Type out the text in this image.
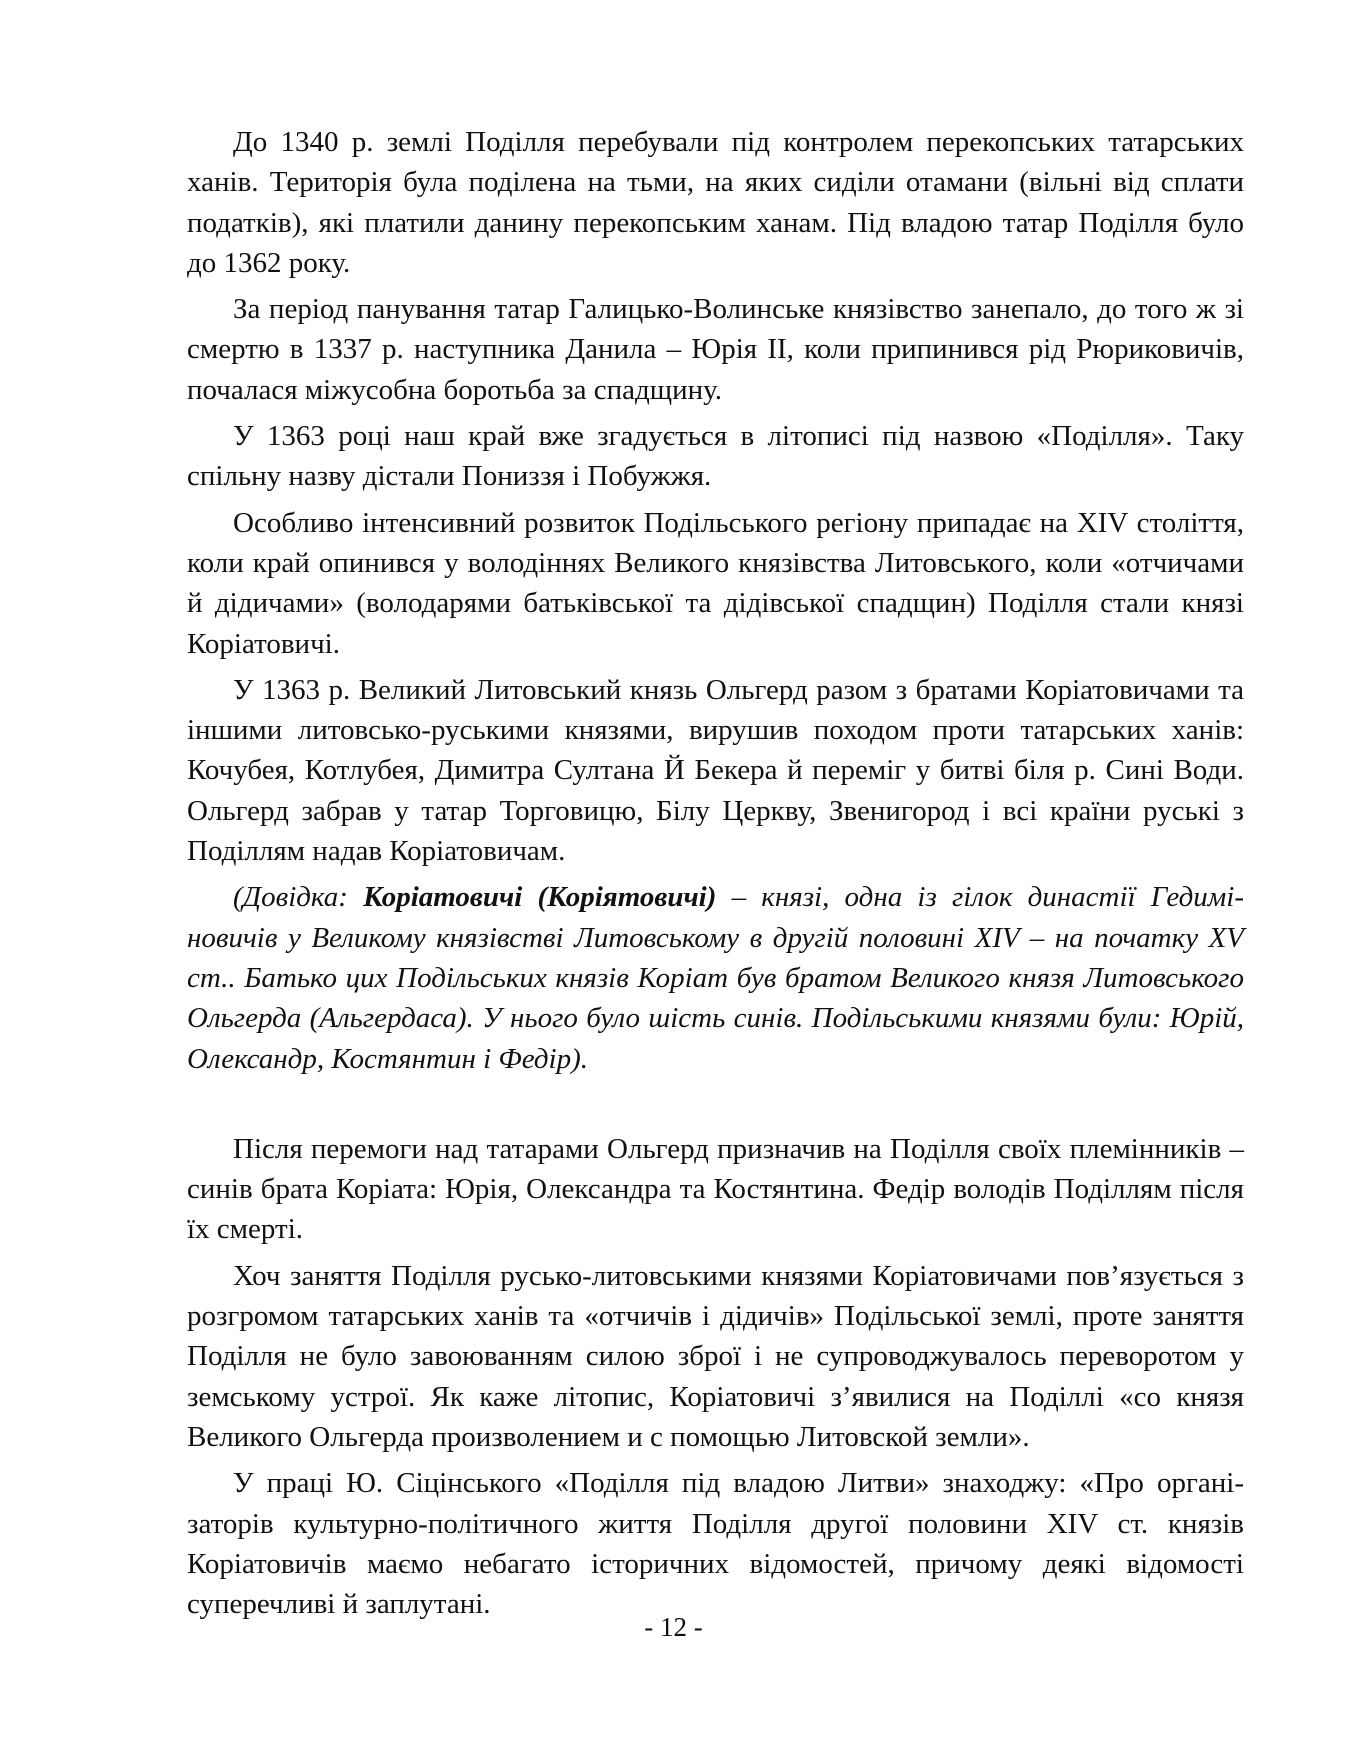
До 1340 р. землі Поділля перебували під контролем перекопських татарських ханів. Територія була поділена на тьми, на яких сиділи отамани (вільні від сплати податків), які платили данину перекопським ханам. Під владою татар Поділля було до 1362 року.

За період панування татар Галицько-Волинське князівство занепало, до того ж зі смертю в 1337 р. наступника Данила – Юрія ІІ, коли припинився рід Рюриковичів, почалася міжусобна боротьба за спадщину.

У 1363 році наш край вже згадується в літописі під назвою «Поділля». Таку спільну назву дістали Пониззя і Побужжя.

Особливо інтенсивний розвиток Подільського регіону припадає на XIV століття, коли край опинився у володіннях Великого князівства Литовського, коли «отчичами й дідичами» (володарями батьківської та дідівської спадщин) Поділля стали князі Коріатовичі.

У 1363 р. Великий Литовський князь Ольгерд разом з братами Коріатовичами та іншими литовсько-руськими князями, вирушив походом проти татарських ханів: Кочубея, Котлубея, Димитра Султана Й Бекера й переміг у битві біля р. Сині Води. Ольгерд забрав у татар Торговицю, Білу Церкву, Звенигород і всі країни руські з Поділлям надав Коріатовичам.

(Довідка: Коріатовичі (Коріятовичі) – князі, одна із гілок династії Гедиміновичів у Великому князівстві Литовському в другій половині XIV – на початку XV ст.. Батько цих Подільських князів Коріат був братом Великого князя Литовського Ольгерда (Альгердаса). У нього було шість синів. Подільськими князями були: Юрій, Олександр, Костянтин і Федір).

Після перемоги над татарами Ольгерд призначив на Поділля своїх племінників – синів брата Коріата: Юрія, Олександра та Костянтина. Федір володів Поділлям після їх смерті.

Хоч заняття Поділля русько-литовськими князями Коріатовичами пов’язується з розгромом татарських ханів та «отчичів і дідичів» Подільської землі, проте заняття Поділля не було завоюванням силою зброї і не супроводжувалось переворотом у земському устрої. Як каже літопис, Коріатовичі з’явилися на Поділлі «со князя Великого Ольгерда произволением и с помощью Литовской земли».

У праці Ю. Сіцінського «Поділля під владою Литви» знаходжу: «Про організаторів культурно-політичного життя Поділля другої половини XIV ст. князів Коріатовичів маємо небагато історичних відомостей, причому деякі відомості суперечливі й заплутані.

- 12 -
